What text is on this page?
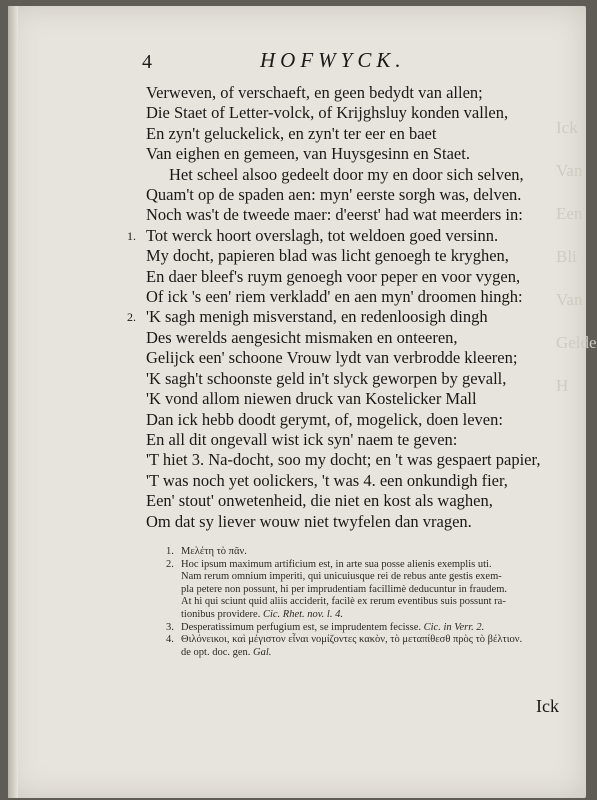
Ick
Van
Een
Bli
Van
Gelde
H
4	HOFWYCK.
Verweven, of verschaeft, en geen bedydt van allen;
Die Staet of Letter-volck, of Krijghsluy konden vallen,
En zyn't geluckelick, en zyn't ter eer en baet
Van eighen en gemeen, van Huysgesinn en Staet.
Het scheel alsoo gedeelt door my en door sich selven,
Quam't op de spaden aen: myn' eerste sorgh was, delven.
Noch was't de tweede maer: d'eerst' had wat meerders in:
1. Tot werck hoort overslagh, tot weldoen goed versinn.
My docht, papieren blad was licht genoegh te kryghen,
En daer bleef's ruym genoegh voor peper en voor vygen,
Of ick 's een' riem verkladd' en aen myn' droomen hingh:
2. 'K sagh menigh misverstand, en redenloosigh dingh
Des werelds aengesicht mismaken en onteeren,
Gelijck een' schoone Vrouw lydt van verbrodde kleeren;
'K sagh't schoonste geld in't slyck geworpen by gevall,
'K vond allom niewen druck van Kostelicker Mall
Dan ick hebb doodt gerymt, of, mogelick, doen leven:
En all dit ongevall wist ick syn' naem te geven:
'T hiet 3. Na-docht, soo my docht; en 't was gespaert papier,
'T was noch yet oolickers, 't was 4. een onkundigh fier,
Een' stout' onwetenheid, die niet en kost als waghen,
Om dat sy liever wouw niet twyfelen dan vragen.
1. Μελέτη τὸ πᾶν.
2. Hoc ipsum maximum artificium est, in arte sua posse alienis exemplis uti.
Nam rerum omnium imperiti, qui unicuiusque rei de rebus ante gestis exem-
pla petere non possunt, hi per imprudentiam facillimè deducuntur in fraudem.
At hi qui sciunt quid aliis acciderit, facilè ex rerum eventibus suis possunt ra-
tionibus providere. Cic. Rhet. nov. l. 4.
3. Desperatissimum perfugium est, se imprudentem fecisse. Cic. in Verr. 2.
4. Θιλόνεικοι, καὶ μέγιστον εἶναι νομίζοντες κακὸν, τὸ μεταπίθεσθ πρὸς τὸ βέλτιον.
de opt. doc. gen. Gal.
Ick
